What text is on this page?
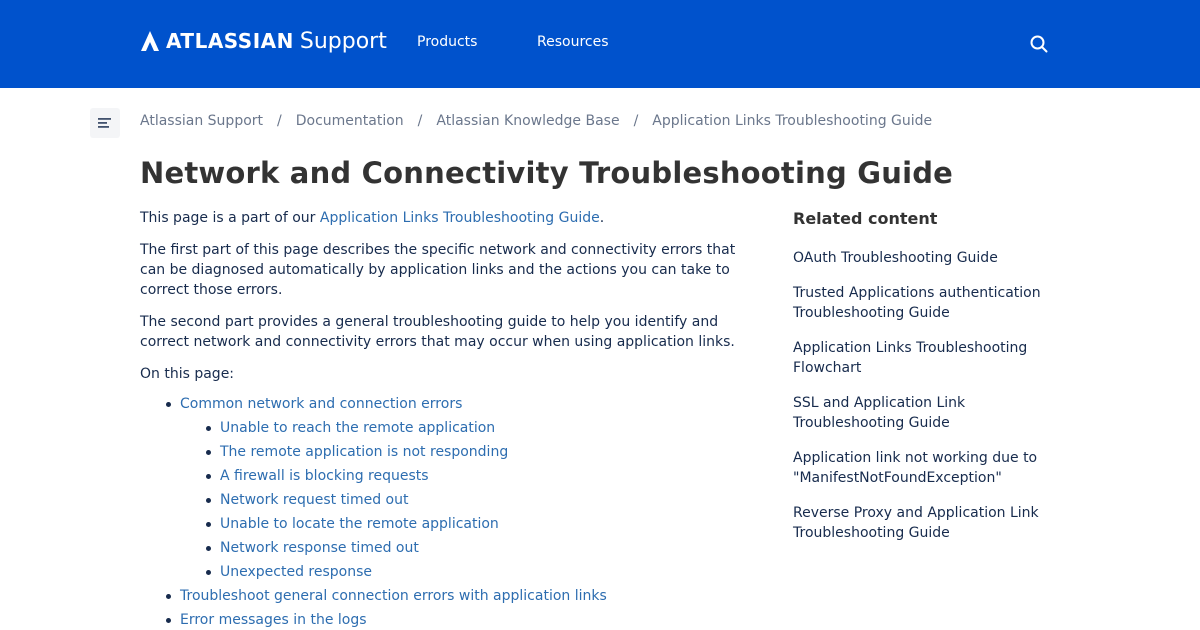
ATLASSIAN Support Products	Resources
Atlassian Support / Documentation / Atlassian Knowledge Base / Application Links Troubleshooting Guide
Network and Connectivity Troubleshooting Guide

This page is a part of our Application Links Troubleshooting Guide.

The first part of this page describes the specific network and connectivity errors that can be diagnosed automatically by application links and the actions you can take to correct those errors.

The second part provides a general troubleshooting guide to help you identify and correct network and connectivity errors that may occur when using application links.

On this page:

Common network and connection errors
Unable to reach the remote application
The remote application is not responding
A firewall is blocking requests
Network request timed out
Unable to locate the remote application
Network response timed out
Unexpected response
Troubleshoot general connection errors with application links
Error messages in the logs
Related content
OAuth Troubleshooting Guide
Trusted Applications authentication Troubleshooting Guide
Application Links Troubleshooting Flowchart
SSL and Application Link Troubleshooting Guide
Application link not working due to "ManifestNotFoundException"
Reverse Proxy and Application Link Troubleshooting Guide
